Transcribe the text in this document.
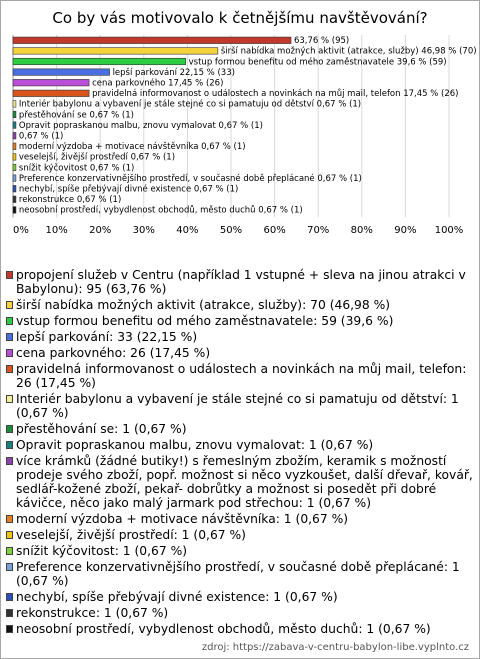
Co by vás motivovalo k četnějšímu navštěvování?
0% 10% 20% 30% 40% 50% 60% 70% 80% 90% 100%
63,76 % (95)
širší nabídka možných aktivit (atrakce, služby) 46,98 % (70)
vstup formou benefitu od mého zaměstnavatele 39,6 % (59)
lepší parkování 22,15 % (33)
cena parkovného 17,45 % (26)
pravidelná informovanost o událostech a novinkách na můj mail, telefon 17,45 % (26)
Interiér babylonu a vybavení je stále stejné co si pamatuju od dětství 0,67 % (1)
přestěhování se 0,67 % (1)
Opravit popraskanou malbu, znovu vymalovat 0,67 % (1)
0,67 % (1)
moderní výzdoba + motivace návštěvníka 0,67 % (1)
veselejší, živější prostředí 0,67 % (1)
snížit kýčovitost 0,67 % (1)
Preference konzervativnějšího prostředí, v současné době přeplácané 0,67 % (1)
nechybí, spíše přebývají divné existence 0,67 % (1)
rekonstrukce 0,67 % (1)
neosobní prostředí, vybydlenost obchodů, město duchů 0,67 % (1)
propojení služeb v Centru (například 1 vstupné + sleva na jinou atrakci v Babylonu): 95 (63,76 %)
širší nabídka možných aktivit (atrakce, služby): 70 (46,98 %)
vstup formou benefitu od mého zaměstnavatele: 59 (39,6 %)
lepší parkování: 33 (22,15 %)
cena parkovného: 26 (17,45 %)
pravidelná informovanost o událostech a novinkách na můj mail, telefon: 26 (17,45 %)
Interiér babylonu a vybavení je stále stejné co si pamatuju od dětství: 1 (0,67 %)
přestěhování se: 1 (0,67 %)
Opravit popraskanou malbu, znovu vymalovat: 1 (0,67 %)
více krámků (žádné butiky!) s řemeslným zbožím, keramik s možností prodeje svého zboží, popř. možnost si něco vyzkoušet, další dřevař, kovář, sedlář-kožené zboží, pekař- dobrůtky a možnost si posedět při dobré kávičce, něco jako malý jarmark pod střechou: 1 (0,67 %)
moderní výzdoba + motivace návštěvníka: 1 (0,67 %)
veselejší, živější prostředí: 1 (0,67 %)
snížit kýčovitost: 1 (0,67 %)
Preference konzervativnějšího prostředí, v současné době přeplácané: 1 (0,67 %)
nechybí, spíše přebývají divné existence: 1 (0,67 %)
rekonstrukce: 1 (0,67 %)
neosobní prostředí, vybydlenost obchodů, město duchů: 1 (0,67 %)
zdroj: https://zabava-v-centru-babylon-libe.vyplnto.cz
